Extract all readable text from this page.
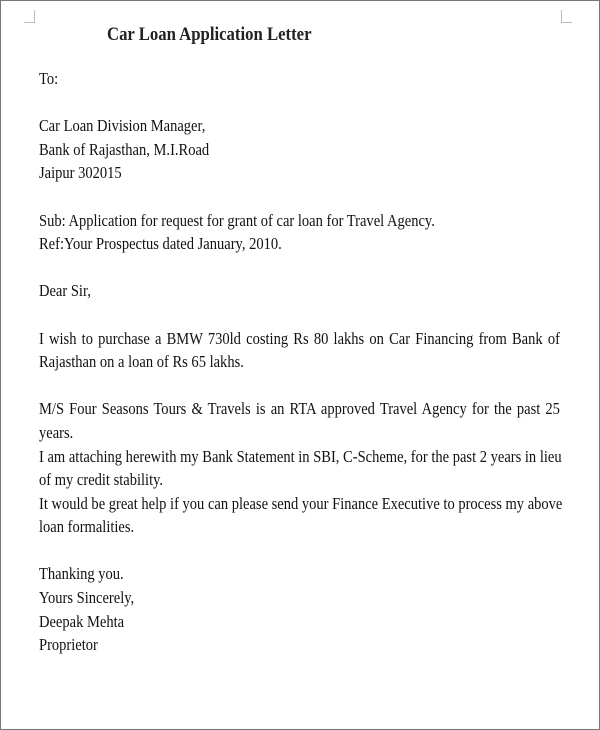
Car Loan Application Letter
To:
Car Loan Division Manager,
Bank of Rajasthan, M.I.Road
Jaipur 302015
Sub: Application for request for grant of car loan for Travel Agency.
Ref:Your Prospectus dated January, 2010.
Dear Sir,
I wish to purchase a BMW 730ld costing Rs 80 lakhs on Car Financing from Bank of
Rajasthan on a loan of Rs 65 lakhs.
M/S Four Seasons Tours & Travels is an RTA approved Travel Agency for the past 25
years.
I am attaching herewith my Bank Statement in SBI, C-Scheme, for the past 2 years in lieu
of my credit stability.
It would be great help if you can please send your Finance Executive to process my above
loan formalities.
Thanking you.
Yours Sincerely,
Deepak Mehta
Proprietor
